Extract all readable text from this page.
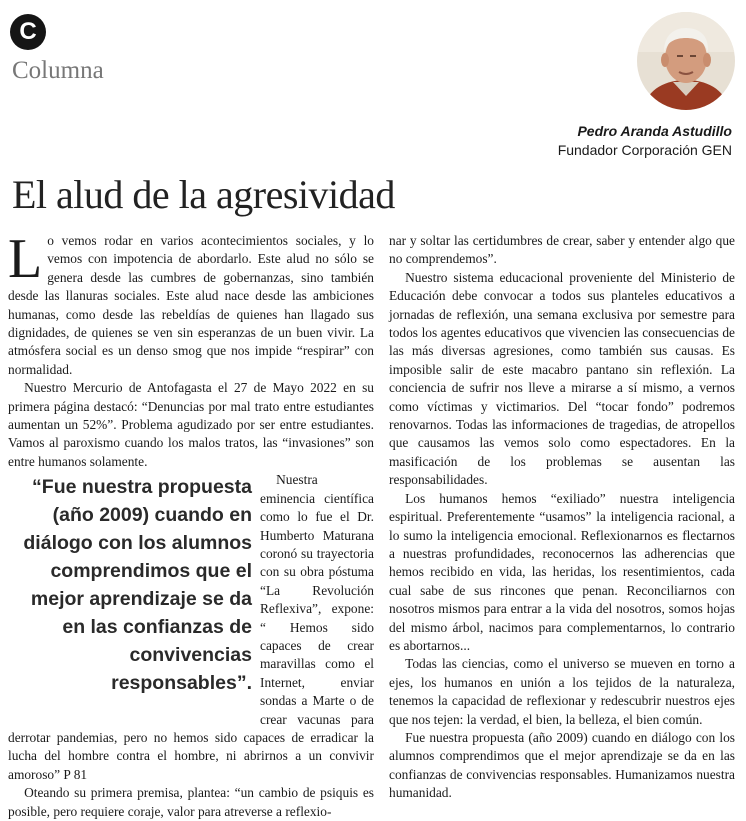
C
Columna
Pedro Aranda Astudillo
Fundador Corporación GEN
El alud de la agresividad
L o vemos rodar en varios acontecimientos sociales, y lo vemos con impotencia de abordarlo. Este alud no sólo se genera desde las cumbres de gobernanzas, sino también desde las llanuras sociales. Este alud nace desde las ambiciones humanas, como desde las rebeldías de quienes han llagado sus dignidades, de quienes se ven sin esperanzas de un buen vivir. La atmósfera social es un denso smog que nos impide “respirar” con normalidad.

Nuestro Mercurio de Antofagasta el 27 de Mayo 2022 en su primera página destacó: “Denuncias por mal trato entre estudiantes aumentan un 52%”. Problema agudizado por ser entre estudiantes. Vamos al paroxismo cuando los malos tratos, las “invasiones” son entre humanos solamente.

“Fue nuestra propuesta (año 2009) cuando en diálogo con los alumnos comprendimos que el mejor aprendizaje se da en las confianzas de convivencias responsables”.

Nuestra eminencia científica como lo fue el Dr. Humberto Maturana coronó su trayectoria con su obra póstuma “La Revolución Reflexiva”, expone: “ Hemos sido capaces de crear maravillas como el Internet, enviar sondas a Marte o de crear vacunas para derrotar pandemias, pero no hemos sido capaces de erradicar la lucha del hombre contra el hombre, ni abrirnos a un convivir amoroso” P 81

Oteando su primera premisa, plantea: “un cambio de psiquis es posible, pero requiere coraje, valor para atreverse a reflexio-

nar y soltar las certidumbres de crear, saber y entender algo que no comprendemos”.

Nuestro sistema educacional proveniente del Ministerio de Educación debe convocar a todos sus planteles educativos a jornadas de reflexión, una semana exclusiva por semestre para todos los agentes educativos que vivencien las consecuencias de las más diversas agresiones, como también sus causas. Es imposible salir de este macabro pantano sin reflexión. La conciencia de sufrir nos lleve a mirarse a sí mismo, a vernos como víctimas y victimarios. Del “tocar fondo” podremos renovarnos. Todas las informaciones de tragedias, de atropellos que causamos las vemos solo como espectadores. En la masificación de los problemas se ausentan las responsabilidades.

Los humanos hemos “exiliado” nuestra inteligencia espiritual. Preferentemente “usamos” la inteligencia racional, a lo sumo la inteligencia emocional. Reflexionarnos es flectarnos a nuestras profundidades, reconocernos las adherencias que hemos recibido en vida, las heridas, los resentimientos, cada cual sabe de sus rincones que penan. Reconciliarnos con nosotros mismos para entrar a la vida del nosotros, somos hojas del mismo árbol, nacimos para complementarnos, lo contrario es abortarnos...

Todas las ciencias, como el universo se mueven en torno a ejes, los humanos en unión a los tejidos de la naturaleza, tenemos la capacidad de reflexionar y redescubrir nuestros ejes que nos tejen: la verdad, el bien, la belleza, el bien común.

Fue nuestra propuesta (año 2009) cuando en diálogo con los alumnos comprendimos que el mejor aprendizaje se da en las confianzas de convivencias responsables. Humanizamos nuestra humanidad.
